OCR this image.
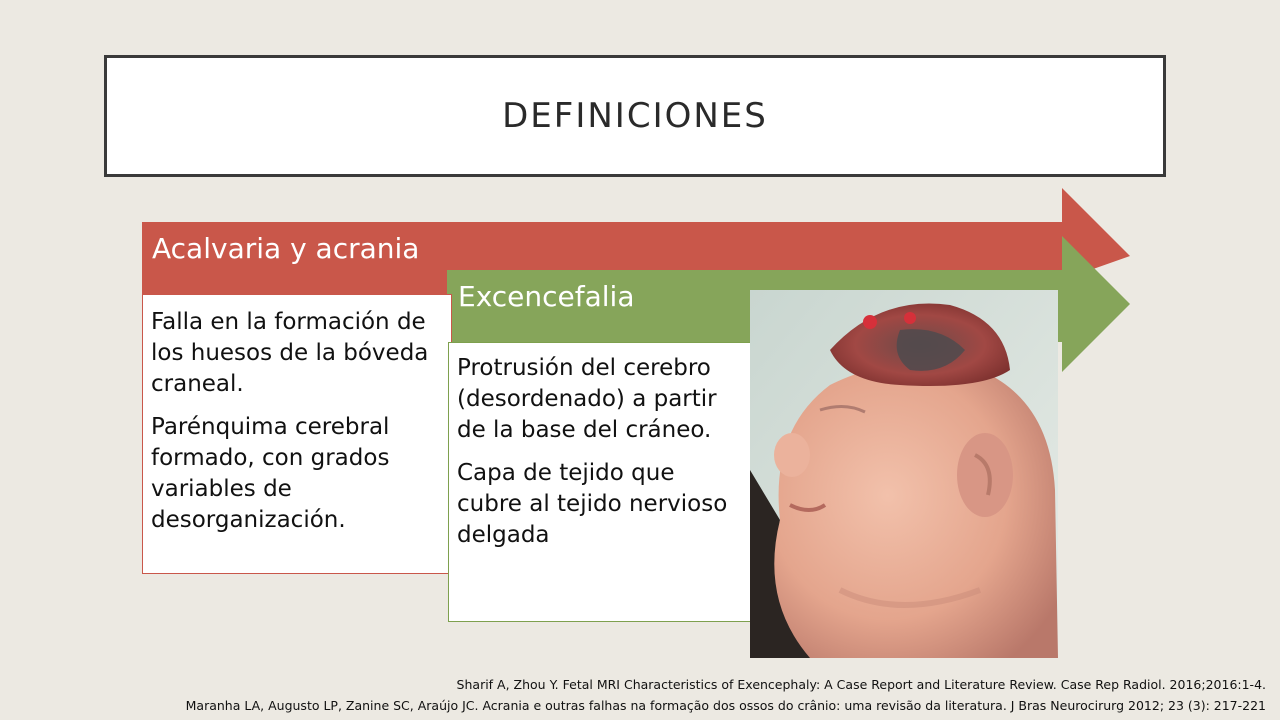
DEFINICIONES
Acalvaria y acrania
Excencefalia

Falla en la formación de los huesos de la bóveda craneal.

Parénquima cerebral formado, con grados variables de desorganización.

Protrusión del cerebro (desordenado) a partir de la base del cráneo.

Capa de tejido que cubre al tejido nervioso delgada

Sharif A, Zhou Y. Fetal MRI Characteristics of Exencephaly: A Case Report and Literature Review. Case Rep Radiol. 2016;2016:1-4.
Maranha LA, Augusto LP, Zanine SC, Araújo JC. Acrania e outras falhas na formação dos ossos do crânio: uma revisão da literatura. J Bras Neurocirurg 2012; 23 (3): 217-221
